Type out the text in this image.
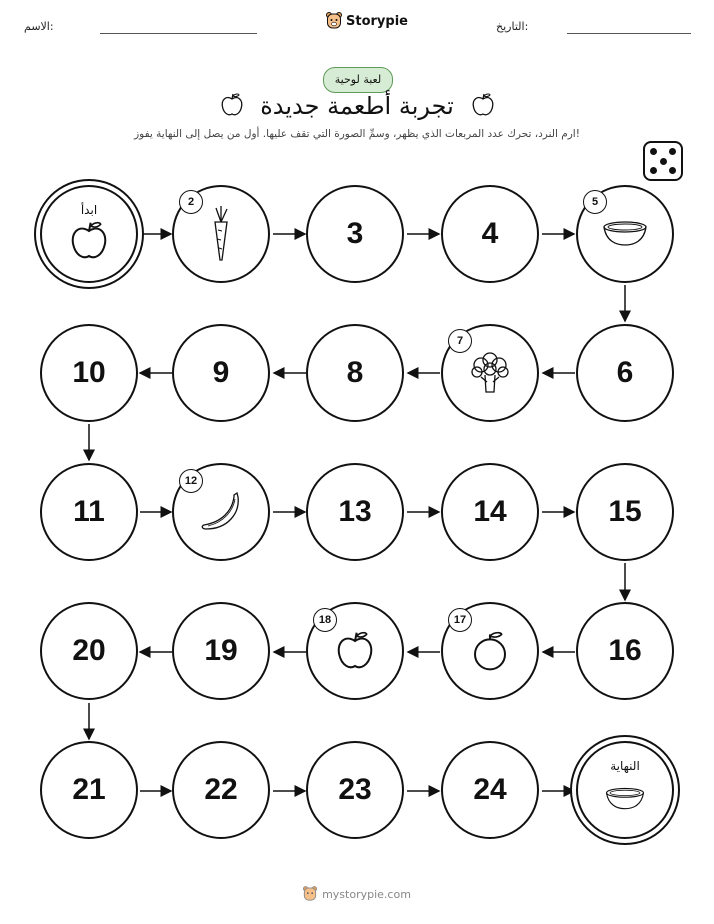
الاسم:	Storypie	التاريخ:
لعبة لوحية
تجربة أطعمة جديدة
ارم النرد، تحرك عدد المربعات الذي يظهر، وسمِّ الصورة التي تقف عليها. أول من يصل إلى النهاية يفوز!
ابدأ
2
3	4
5
10	9	8
7
6
11
12
13	14	15
20	19
18	17
16
21	22	23	24
النهاية
mystorypie.com
